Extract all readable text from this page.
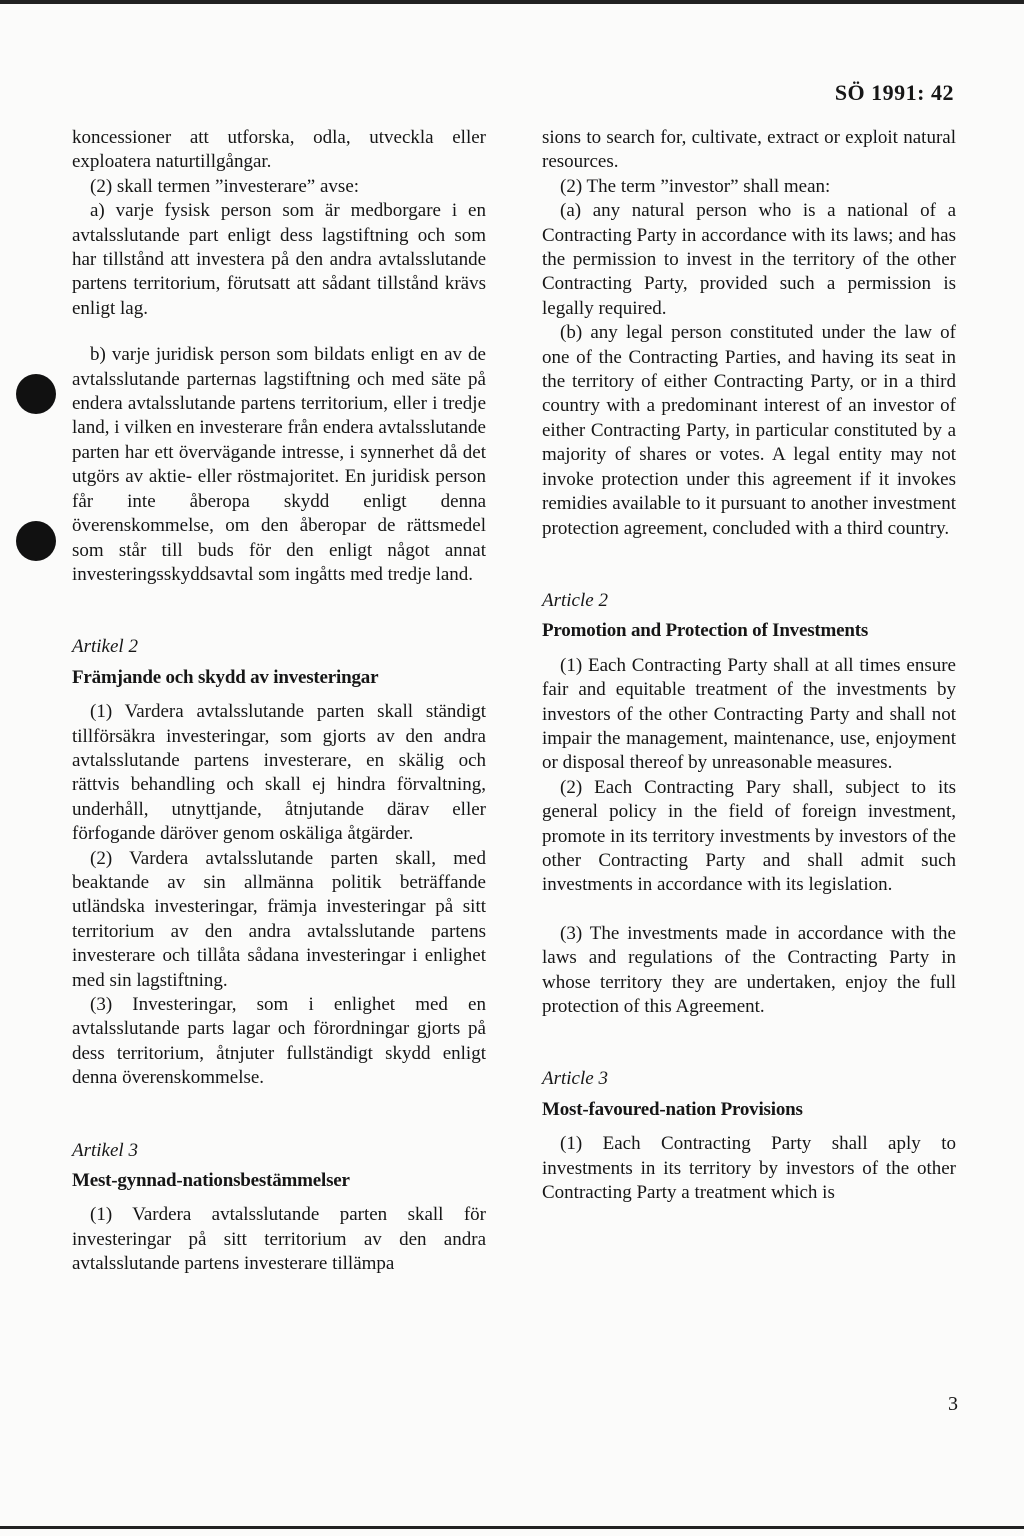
SÖ 1991: 42

koncessioner att utforska, odla, utveckla eller exploatera naturtillgångar.

(2) skall termen ”investerare” avse:

a) varje fysisk person som är medborgare i en avtalsslutande part enligt dess lagstiftning och som har tillstånd att investera på den andra avtalsslutande partens territorium, förutsatt att sådant tillstånd krävs enligt lag.

b) varje juridisk person som bildats enligt en av de avtalsslutande parternas lagstiftning och med säte på endera avtalsslutande partens territorium, eller i tredje land, i vilken en investerare från endera avtalsslutande parten har ett övervägande intresse, i synnerhet då det utgörs av aktie- eller röstmajoritet. En juridisk person får inte åberopa skydd enligt denna överenskommelse, om den åberopar de rättsmedel som står till buds för den enligt något annat investeringsskyddsavtal som ingåtts med tredje land.

Artikel 2
Främjande och skydd av investeringar

(1) Vardera avtalsslutande parten skall ständigt tillförsäkra investeringar, som gjorts av den andra avtalsslutande partens investerare, en skälig och rättvis behandling och skall ej hindra förvaltning, underhåll, utnyttjande, åtnjutande därav eller förfogande däröver genom oskäliga åtgärder.

(2) Vardera avtalsslutande parten skall, med beaktande av sin allmänna politik beträffande utländska investeringar, främja investeringar på sitt territorium av den andra avtalsslutande partens investerare och tillåta sådana investeringar i enlighet med sin lagstiftning.

(3) Investeringar, som i enlighet med en avtalsslutande parts lagar och förordningar gjorts på dess territorium, åtnjuter fullständigt skydd enligt denna överenskommelse.

Artikel 3
Mest-gynnad-nationsbestämmelser

(1) Vardera avtalsslutande parten skall för investeringar på sitt territorium av den andra avtalsslutande partens investerare tillämpa

sions to search for, cultivate, extract or exploit natural resources.

(2) The term ”investor” shall mean:

(a) any natural person who is a national of a Contracting Party in accordance with its laws; and has the permission to invest in the territory of the other Contracting Party, provided such a permission is legally required.

(b) any legal person constituted under the law of one of the Contracting Parties, and having its seat in the territory of either Contracting Party, or in a third country with a predominant interest of an investor of either Contracting Party, in particular constituted by a majority of shares or votes. A legal entity may not invoke protection under this agreement if it invokes remidies available to it pursuant to another investment protection agreement, concluded with a third country.

Article 2
Promotion and Protection of Investments

(1) Each Contracting Party shall at all times ensure fair and equitable treatment of the investments by investors of the other Contracting Party and shall not impair the management, maintenance, use, enjoyment or disposal thereof by unreasonable measures.

(2) Each Contracting Pary shall, subject to its general policy in the field of foreign investment, promote in its territory investments by investors of the other Contracting Party and shall admit such investments in accordance with its legislation.

(3) The investments made in accordance with the laws and regulations of the Contracting Party in whose territory they are undertaken, enjoy the full protection of this Agreement.

Article 3
Most-favoured-nation Provisions

(1) Each Contracting Party shall aply to investments in its territory by investors of the other Contracting Party a treatment which is

3
